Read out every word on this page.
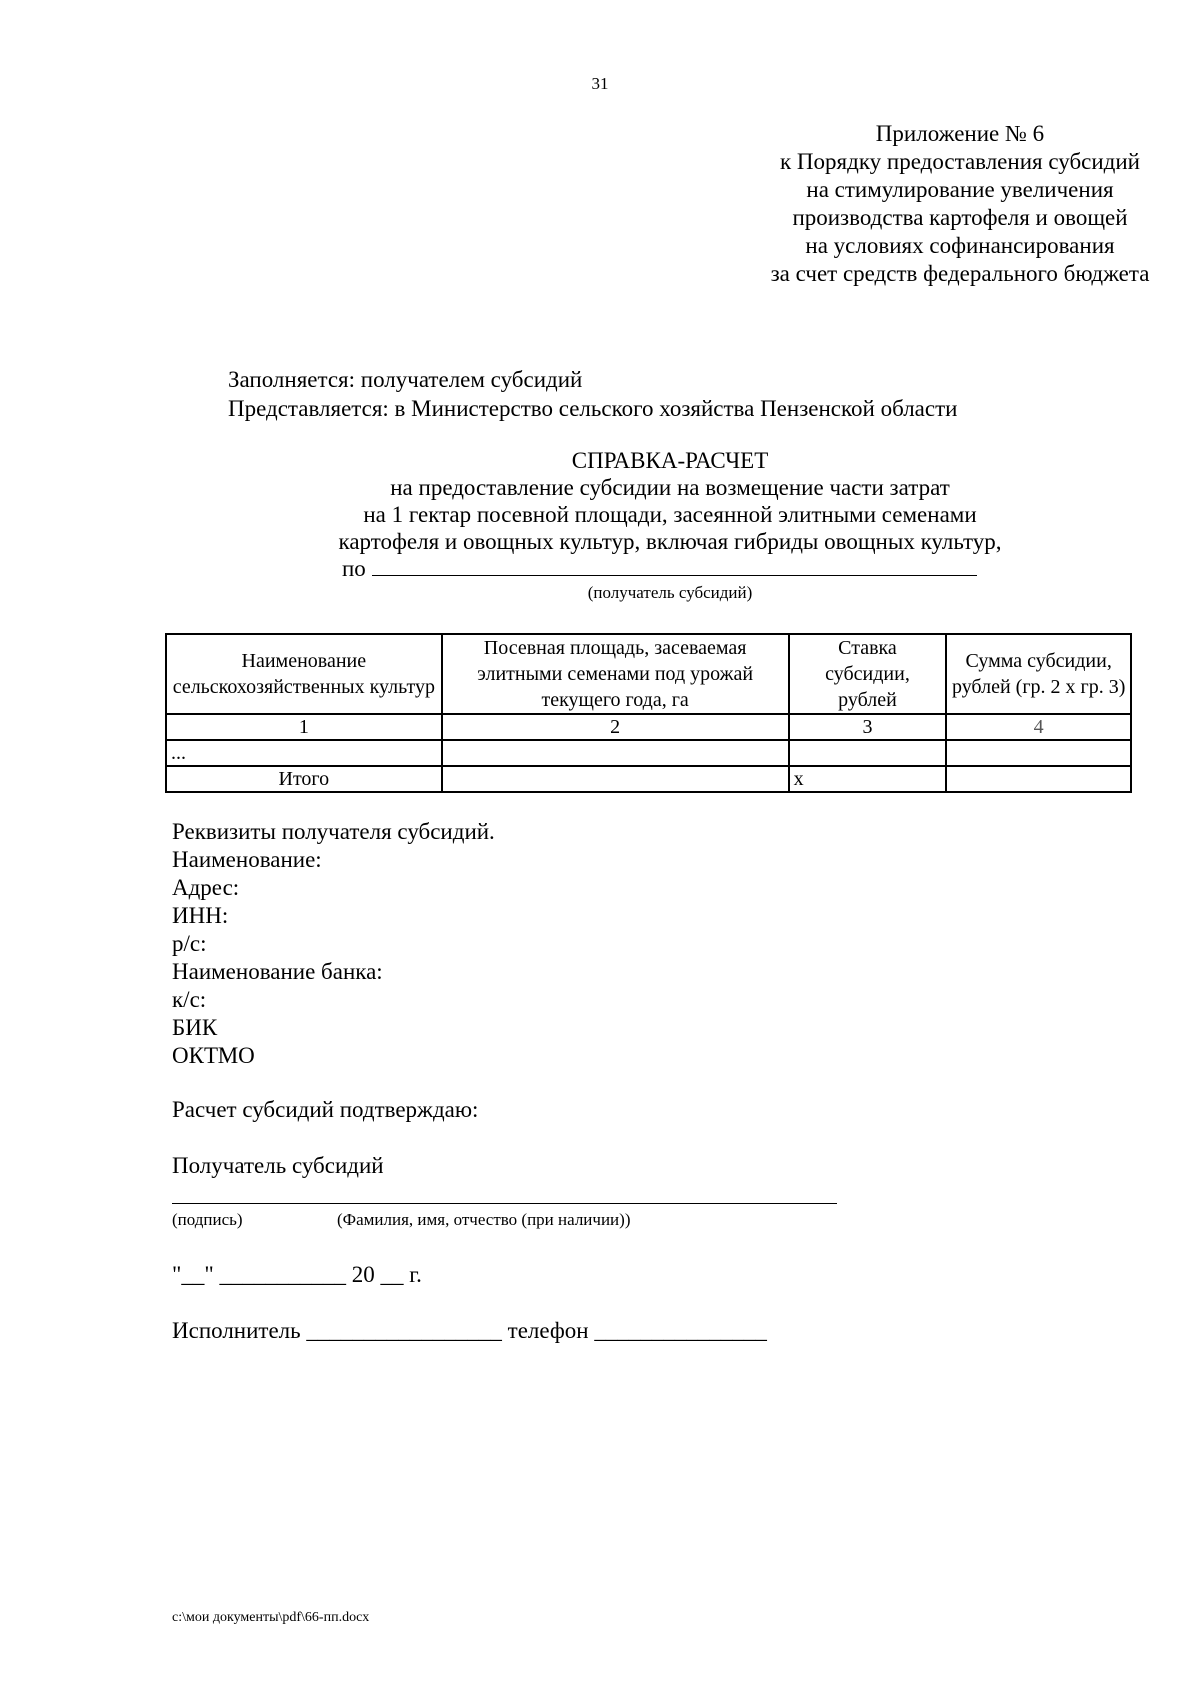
31
Приложение № 6
к Порядку предоставления субсидий
на стимулирование увеличения
производства картофеля и овощей
на условиях софинансирования
за счет средств федерального бюджета
Заполняется: получателем субсидий
Представляется: в Министерство сельского хозяйства Пензенской области
СПРАВКА-РАСЧЕТ
на предоставление субсидии на возмещение части затрат
на 1 гектар посевной площади, засеянной элитными семенами
картофеля и овощных культур, включая гибриды овощных культур,
по
(получатель субсидий)
Наименование сельскохозяйственных культур	Посевная площадь, засеваемая элитными семенами под урожай текущего года, га	Ставка субсидии, рублей	Сумма субсидии, рублей (гр. 2 x гр. 3)
1	2	3	4
...			
Итого		х	
Реквизиты получателя субсидий.
Наименование:
Адрес:
ИНН:
р/с:
Наименование банка:
к/с:
БИК
ОКТМО
Расчет субсидий подтверждаю:
Получатель субсидий
(подпись)	(Фамилия, имя, отчество (при наличии))
"__" ___________ 20 __ г.
Исполнитель _________________ телефон _______________
c:\мои документы\pdf\66-пп.docx
